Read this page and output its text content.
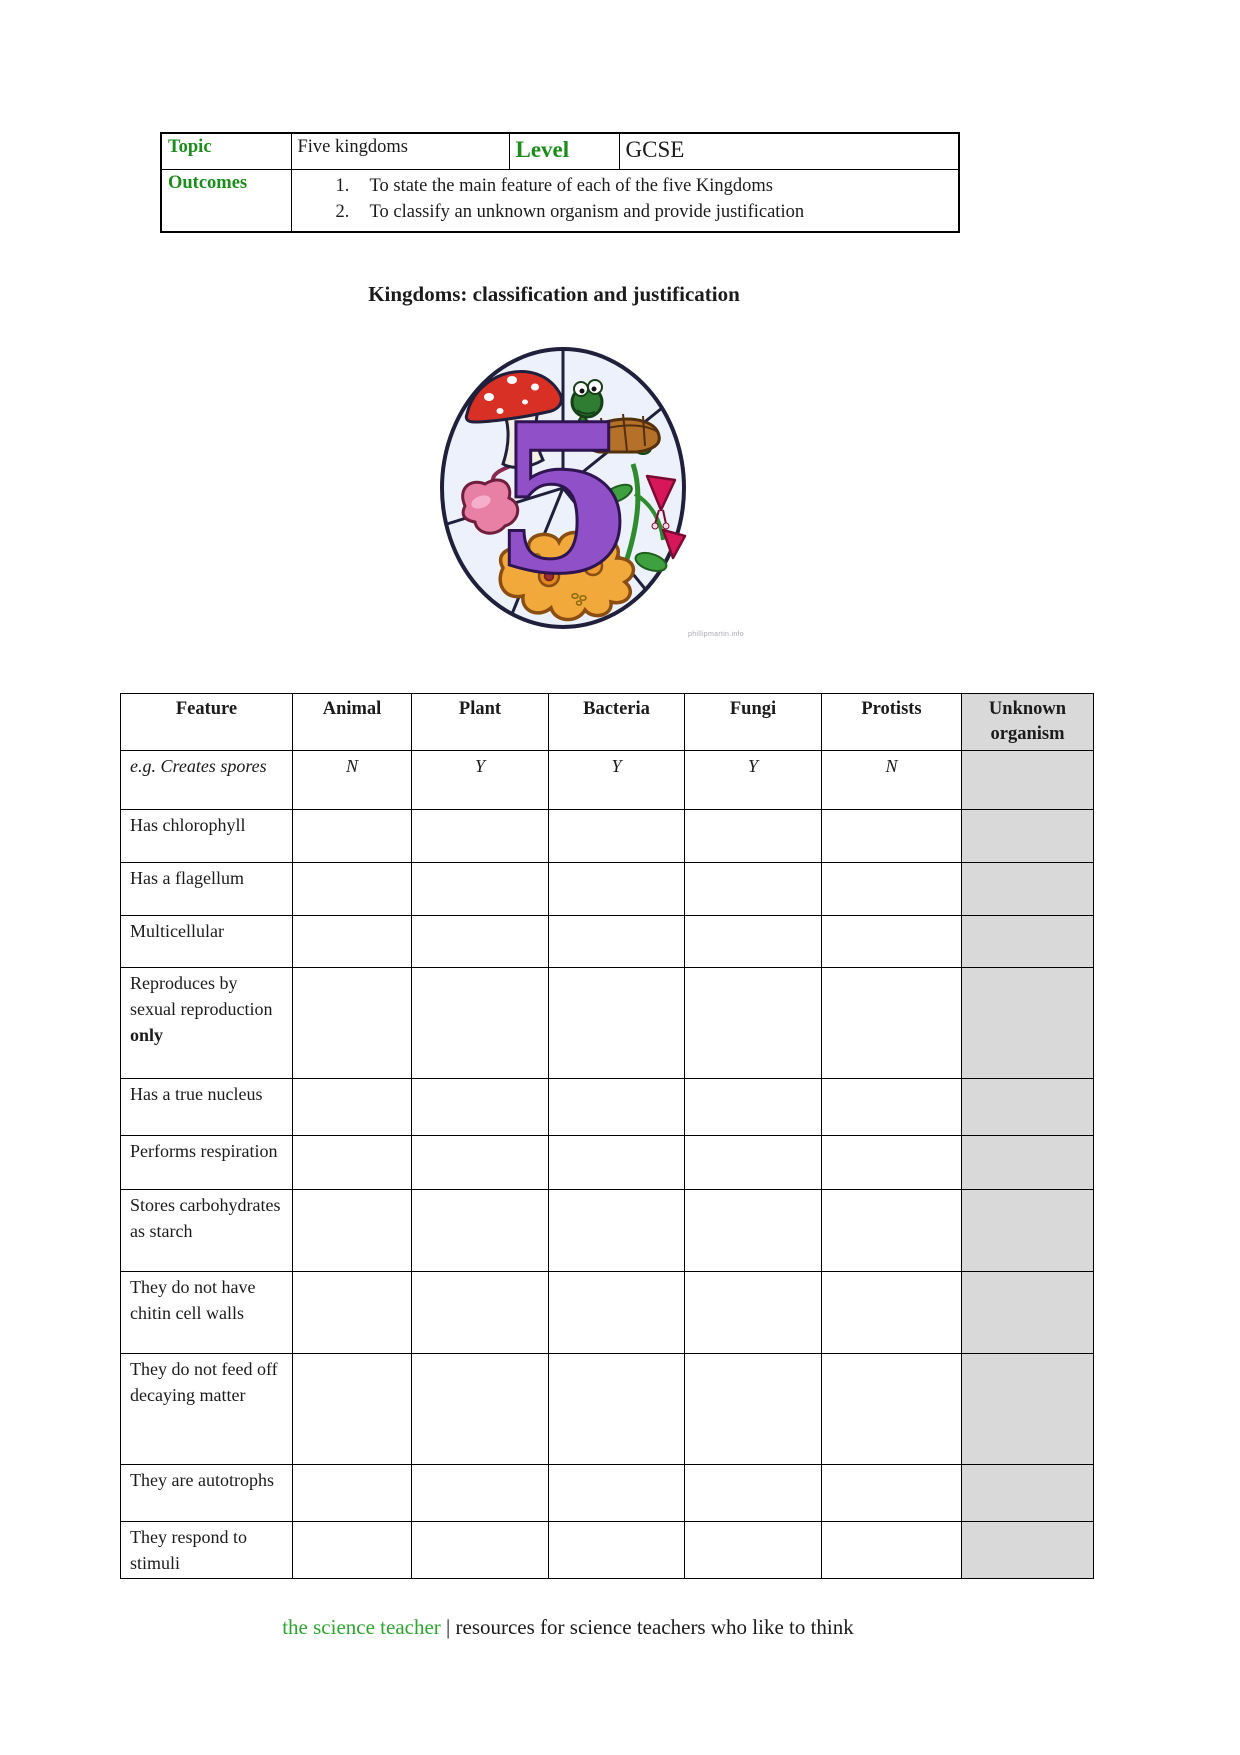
Topic	Five kingdoms	Level	GCSE
Outcomes	1. To state the main feature of each of the five Kingdoms
2. To classify an unknown organism and provide justification		
Kingdoms: classification and justification
5
phillipmartin.info
Feature	Animal	Plant	Bacteria	Fungi	Protists	Unknown organism
e.g. Creates spores	N	Y	Y	Y	N	
Has chlorophyll						
Has a flagellum						
Multicellular						
Reproduces by sexual reproduction only						
Has a true nucleus						
Performs respiration						
Stores carbohydrates as starch						
They do not have chitin cell walls						
They do not feed off decaying matter						
They are autotrophs						
They respond to stimuli						
the science teacher | resources for science teachers who like to think
